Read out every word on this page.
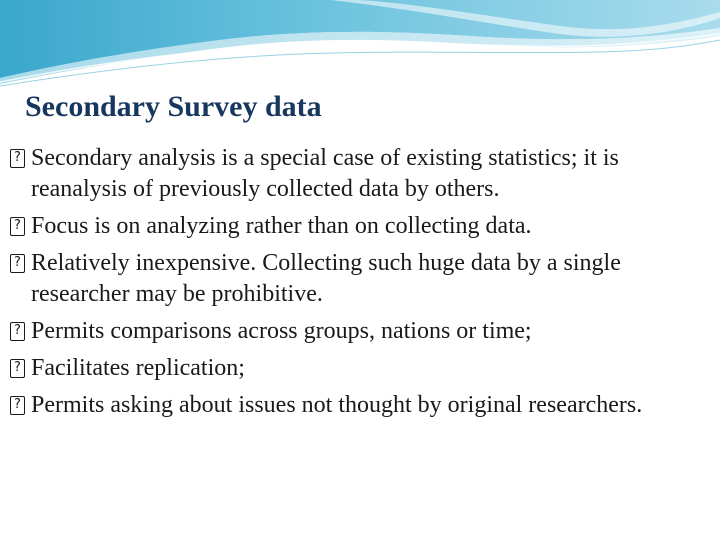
Secondary Survey data
? Secondary analysis is a special case of existing statistics; it is reanalysis of previously collected data by others.
? Focus is on analyzing rather than on collecting data.
? Relatively inexpensive. Collecting such huge data by a single researcher may be prohibitive.
? Permits comparisons across groups, nations or time;
? Facilitates replication;
? Permits asking about issues not thought by original researchers.
